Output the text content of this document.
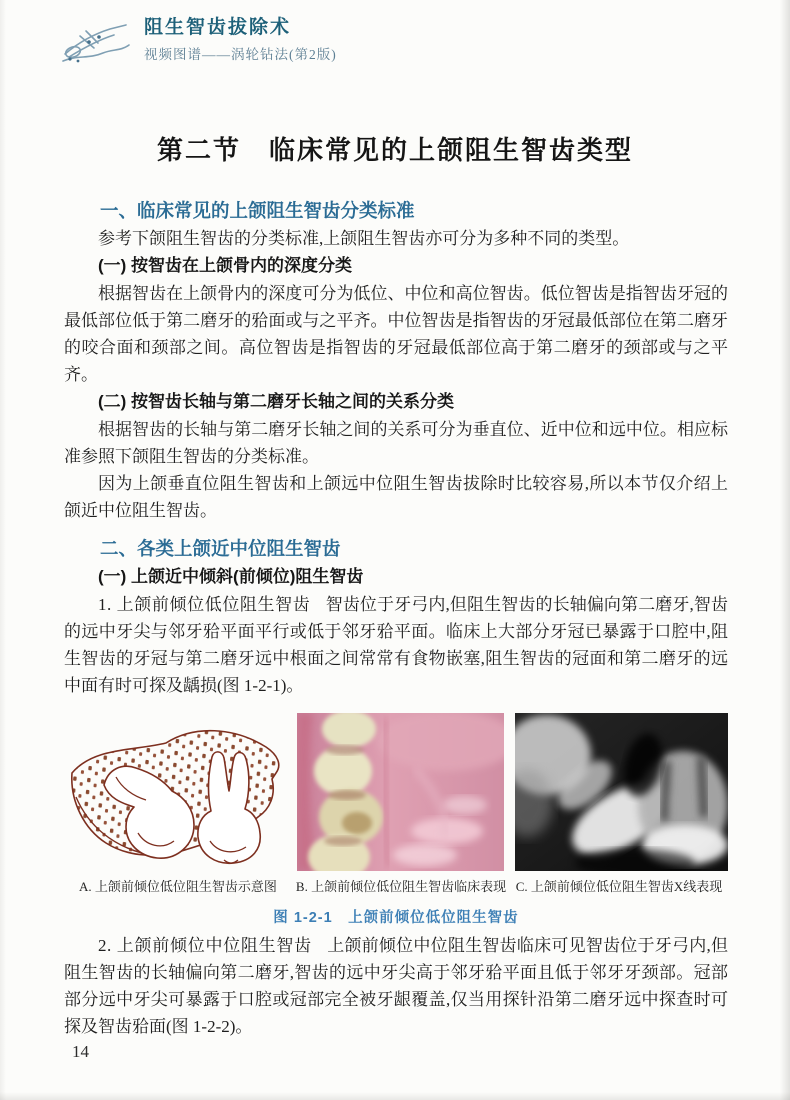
阻生智齿拔除术
视频图谱——涡轮钻法(第2版)
第二节　临床常见的上颌阻生智齿类型
一、临床常见的上颌阻生智齿分类标准

参考下颌阻生智齿的分类标准,上颌阻生智齿亦可分为多种不同的类型。

(一) 按智齿在上颌骨内的深度分类

根据智齿在上颌骨内的深度可分为低位、中位和高位智齿。低位智齿是指智齿牙冠的最低部位低于第二磨牙的𬌗面或与之平齐。中位智齿是指智齿的牙冠最低部位在第二磨牙的咬合面和颈部之间。高位智齿是指智齿的牙冠最低部位高于第二磨牙的颈部或与之平齐。

(二) 按智齿长轴与第二磨牙长轴之间的关系分类

根据智齿的长轴与第二磨牙长轴之间的关系可分为垂直位、近中位和远中位。相应标准参照下颌阻生智齿的分类标准。

因为上颌垂直位阻生智齿和上颌远中位阻生智齿拔除时比较容易,所以本节仅介绍上颌近中位阻生智齿。

二、各类上颌近中位阻生智齿
(一) 上颌近中倾斜(前倾位)阻生智齿

1. 上颌前倾位低位阻生智齿 智齿位于牙弓内,但阻生智齿的长轴偏向第二磨牙,智齿的远中牙尖与邻牙𬌗平面平行或低于邻牙𬌗平面。临床上大部分牙冠已暴露于口腔中,阻生智齿的牙冠与第二磨牙远中根面之间常常有食物嵌塞,阻生智齿的冠面和第二磨牙的远中面有时可探及龋损(图 1-2-1)。

A. 上颌前倾位低位阻生智齿示意图	B. 上颌前倾位低位阻生智齿临床表现 C. 上颌前倾位低位阻生智齿X线表现
图 1-2-1　上颌前倾位低位阻生智齿

2. 上颌前倾位中位阻生智齿 上颌前倾位中位阻生智齿临床可见智齿位于牙弓内,但阻生智齿的长轴偏向第二磨牙,智齿的远中牙尖高于邻牙𬌗平面且低于邻牙牙颈部。冠部部分远中牙尖可暴露于口腔或冠部完全被牙龈覆盖,仅当用探针沿第二磨牙远中探查时可探及智齿𬌗面(图 1-2-2)。

14
